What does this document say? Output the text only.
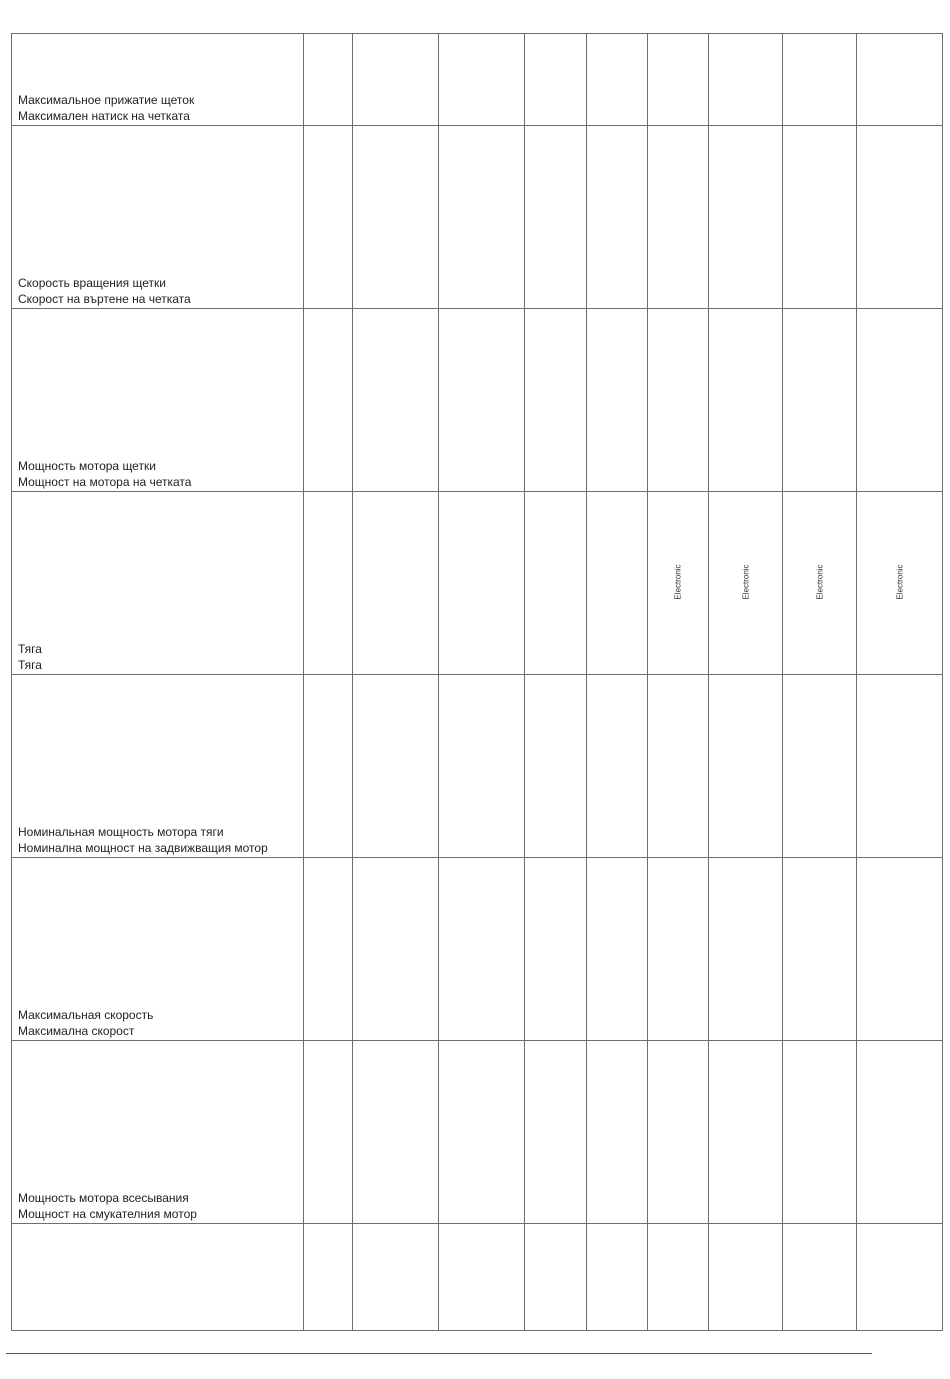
Максимальное прижатие щеток
Максимален натиск на четката									

Скорость вращения щетки
Скорост на въртене на четката									

Мощность мотора щетки
Мощност на мотора на четката									

Тяга
Тяга						Electronic	Electronic	Electronic	Electronic

Номинальная мощность мотора тяги
Номинална мощност на задвижващия мотор									

Максимальная скорость
Максимална скорост									

Мощность мотора всесывания
Мощност на смукателния мотор									
